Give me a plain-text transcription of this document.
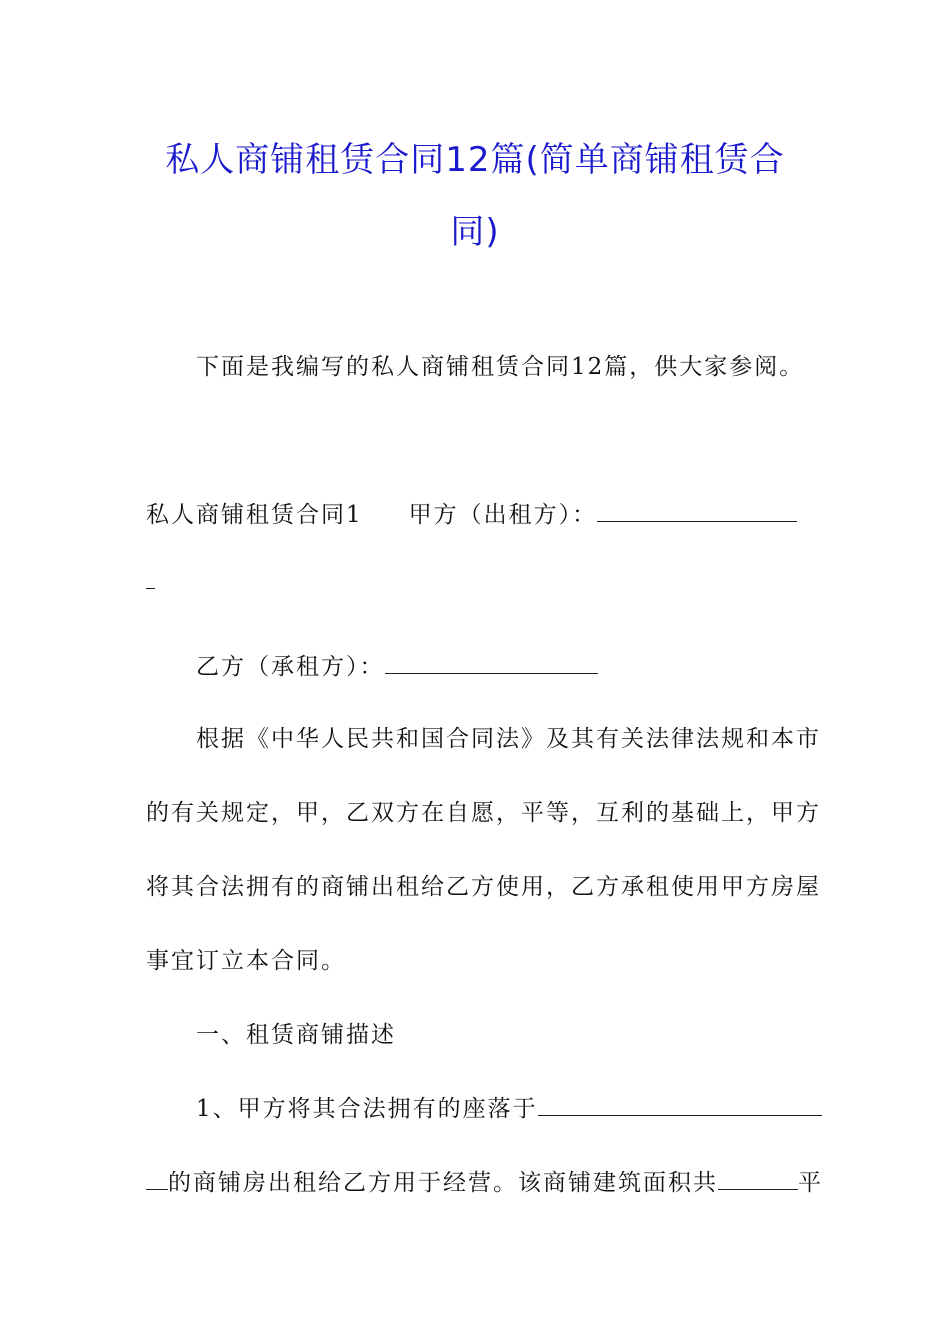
私人商铺租赁合同12篇(简单商铺租赁合
同)
下面是我编写的私人商铺租赁合同12篇，供大家参阅。
私人商铺租赁合同1 甲方（出租方）：
乙方（承租方）：
根据《中华人民共和国合同法》及其有关法律法规和本市
的有关规定，甲，乙双方在自愿，平等，互利的基础上，甲方
将其合法拥有的商铺出租给乙方使用，乙方承租使用甲方房屋
事宜订立本合同。
一、租赁商铺描述
1、甲方将其合法拥有的座落于
的商铺房出租给乙方用于经营。该商铺建筑面积共	平
